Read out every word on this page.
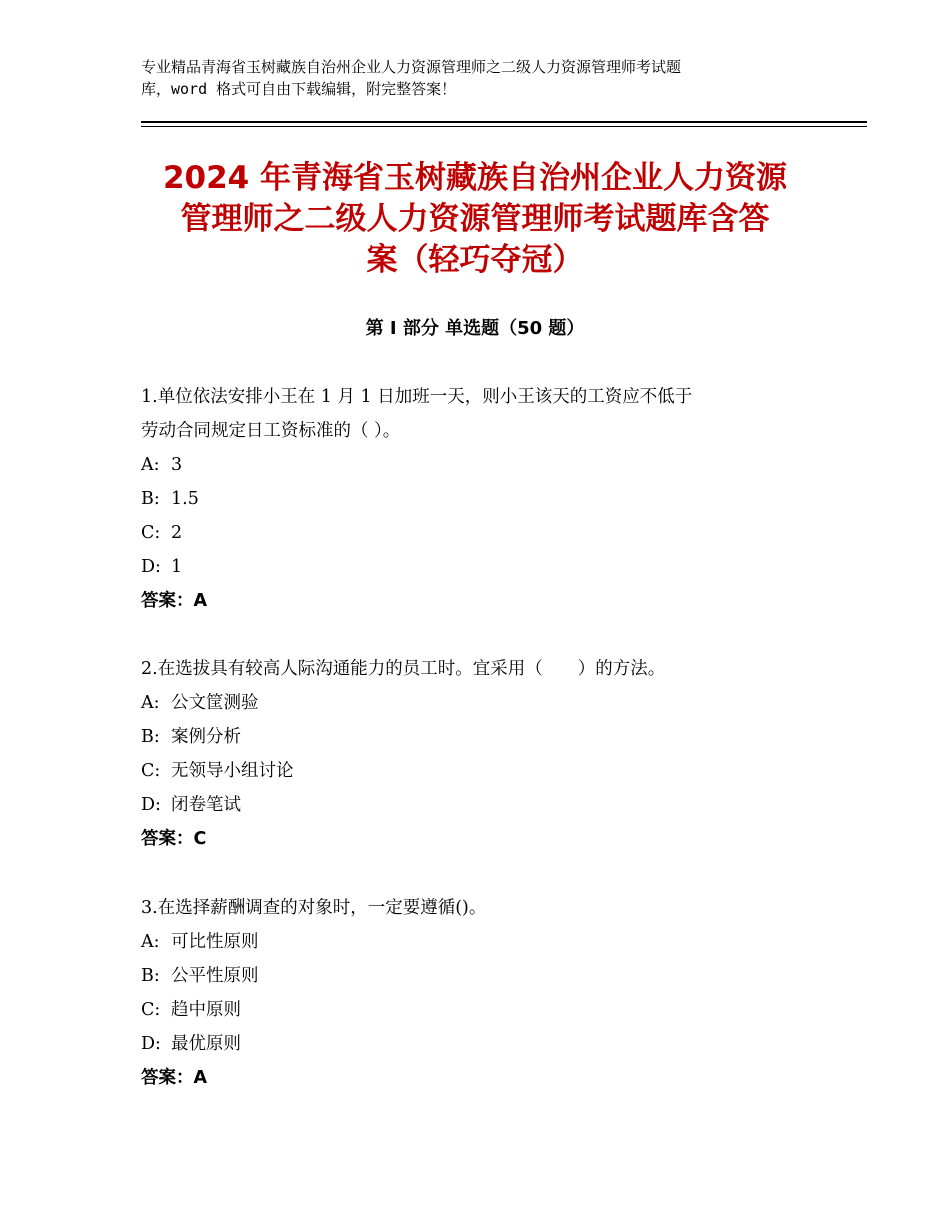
专业精品青海省玉树藏族自治州企业人力资源管理师之二级人力资源管理师考试题
库，word 格式可自由下载编辑，附完整答案！
2024 年青海省玉树藏族自治州企业人力资源
管理师之二级人力资源管理师考试题库含答
案（轻巧夺冠）
第 I 部分 单选题（50 题）
1.单位依法安排小王在 1 月 1 日加班一天，则小王该天的工资应不低于
劳动合同规定日工资标准的（ ）。
A: 3
B: 1.5
C: 2
D: 1
答案：A
2.在选拔具有较高人际沟通能力的员工时。宜采用（　　）的方法。
A: 公文筐测验
B: 案例分析
C: 无领导小组讨论
D: 闭卷笔试
答案：C
3.在选择薪酬调查的对象时，一定要遵循()。
A: 可比性原则
B: 公平性原则
C: 趋中原则
D: 最优原则
答案：A
